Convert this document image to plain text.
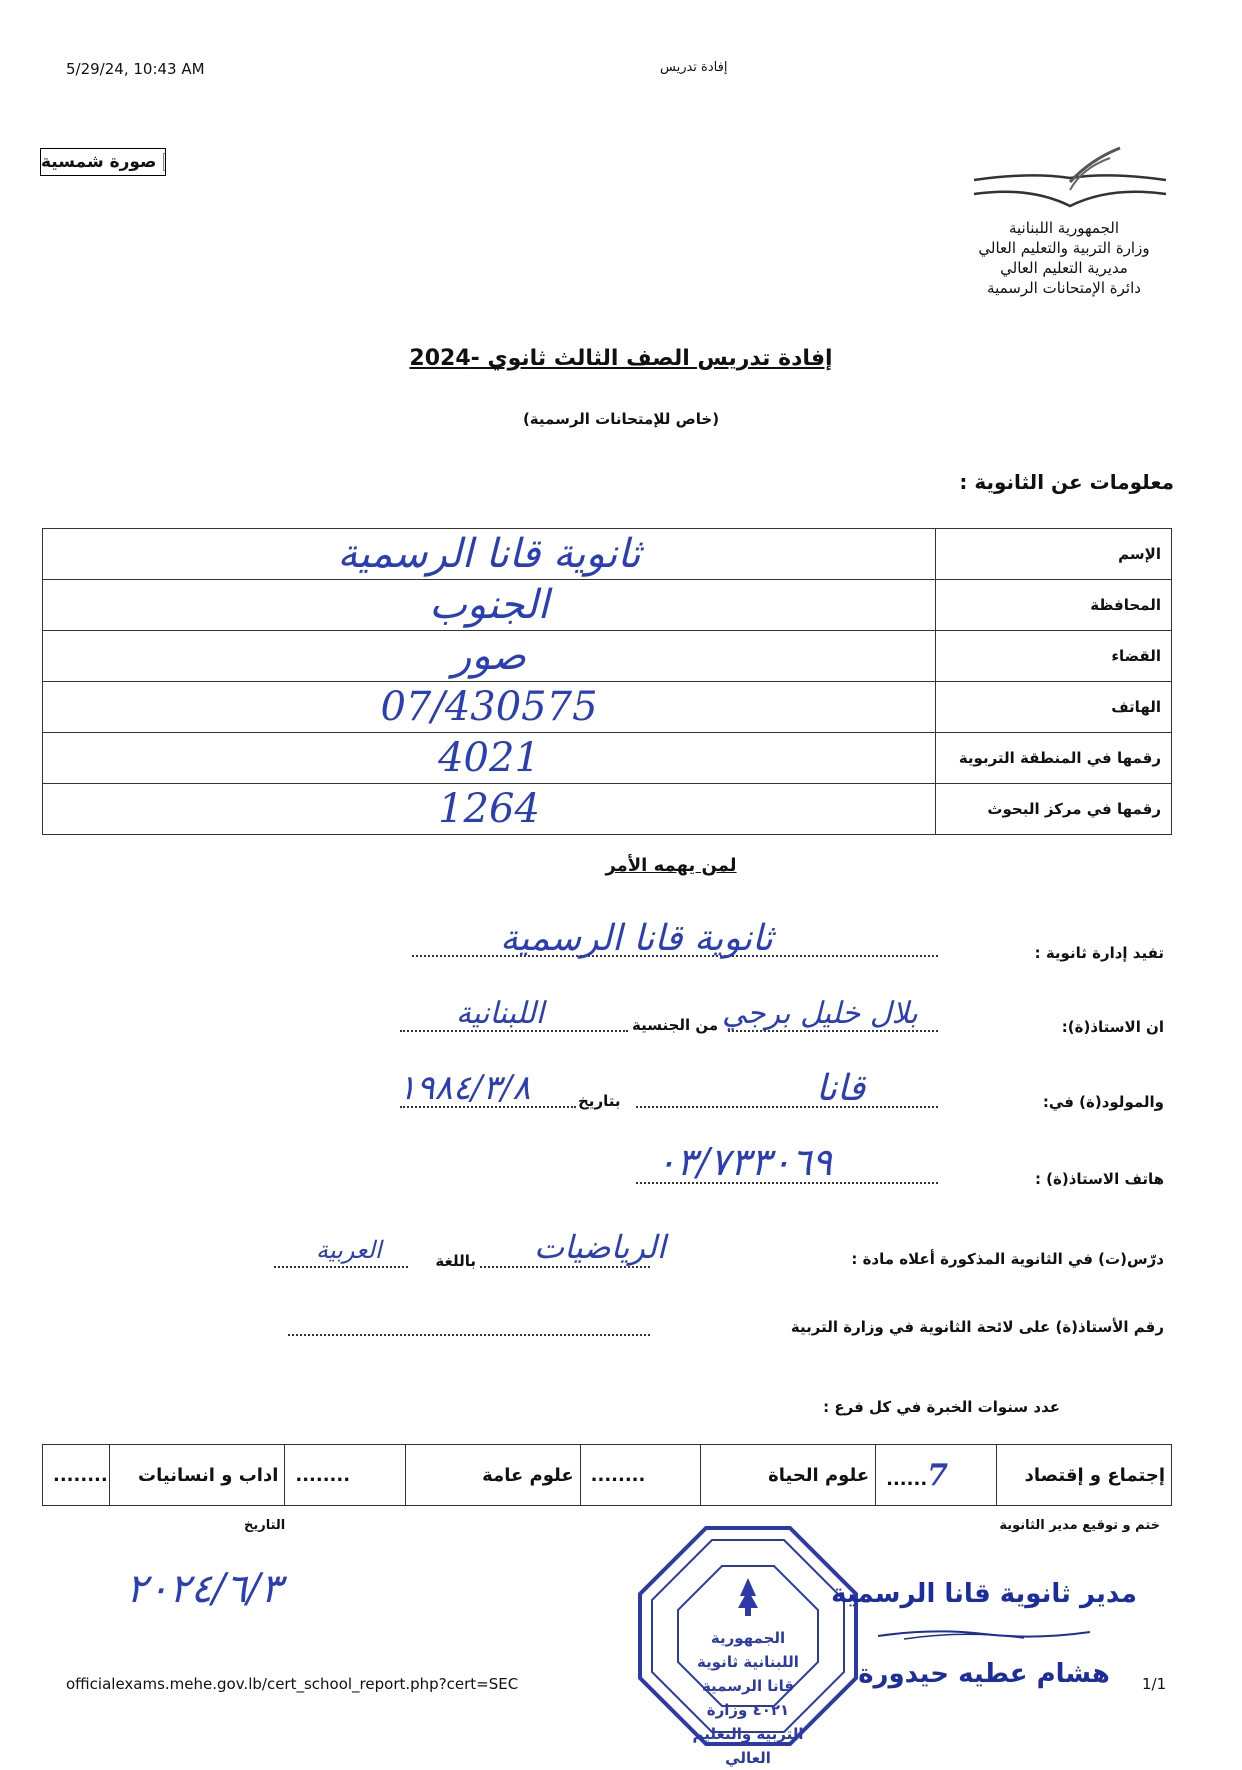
5/29/24, 10:43 AM	إفادة تدريس
صورة شمسية
الجمهورية اللبنانية
وزارة التربية والتعليم العالي
مديرية التعليم العالي
دائرة الإمتحانات الرسمية
إفادة تدريس الصف الثالث ثانوي -2024
(خاص للإمتحانات الرسمية)
معلومات عن الثانوية :
الإسم	ثانوية قانا الرسمية
المحافظة	الجنوب
القضاء	صور
الهاتف	07/430575
رقمها في المنطقة التربوية	4021
رقمها في مركز البحوث	1264
لمن يهمه الأمر
تفيد إدارة ثانوية :
ثانوية قانا الرسمية
ان الاستاذ(ة):
بلال خليل برجي
من الجنسية
اللبنانية
والمولود(ة) في:
قانا
بتاريخ
١٩٨٤/٣/٨
هاتف الاستاذ(ة) :
٠٣/٧٣٣٠٦٩
درّس(ت) في الثانوية المذكورة أعلاه مادة :
الرياضيات
باللغة
العربية
رقم الأستاذ(ة) على لائحة الثانوية في وزارة التربية
عدد سنوات الخبرة في كل فرع :
إجتماع و إقتصاد	7......	علوم الحياة	........	علوم عامة	........	اداب و انسانيات	........
ختم و توقيع مدير الثانوية
التاريخ
٢٠٢٤/٦/٣
الجمهورية اللبنانية ثانوية قانا الرسمية ٤٠٢١ وزارة التربية والتعليم العالي
مدير ثانوية قانا الرسمية
هشام عطيه حيدورة
officialexams.mehe.gov.lb/cert_school_report.php?cert=SEC	1/1
